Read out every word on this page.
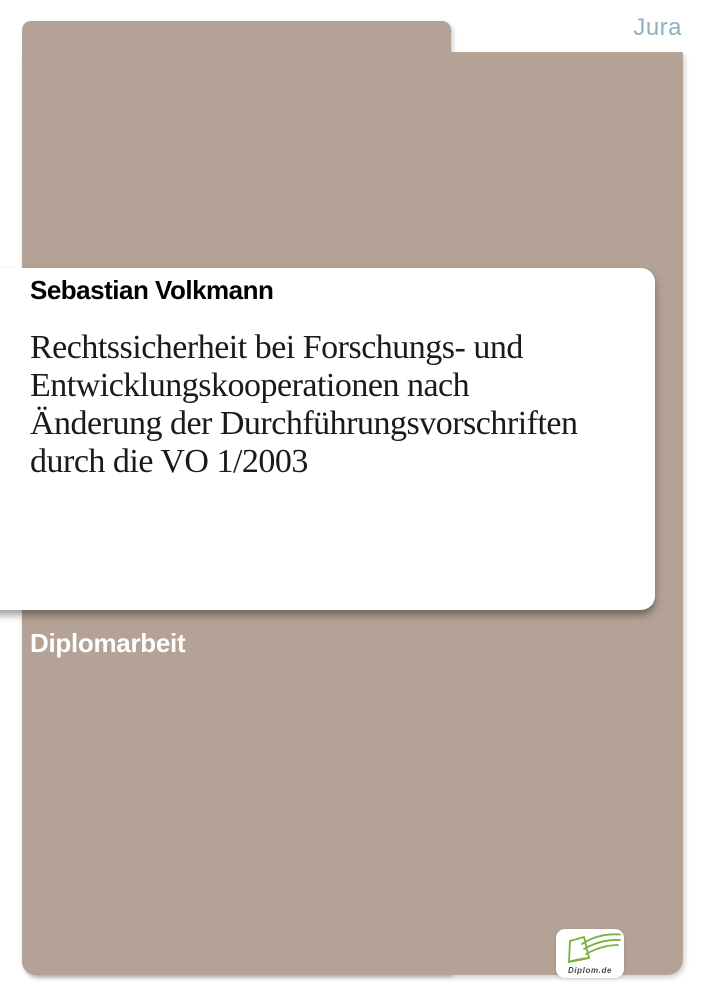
Jura
Sebastian Volkmann
Rechtssicherheit bei Forschungs- und
Entwicklungskooperationen nach
Änderung der Durchführungsvorschriften
durch die VO 1/2003
Diplomarbeit
Diplom.de
